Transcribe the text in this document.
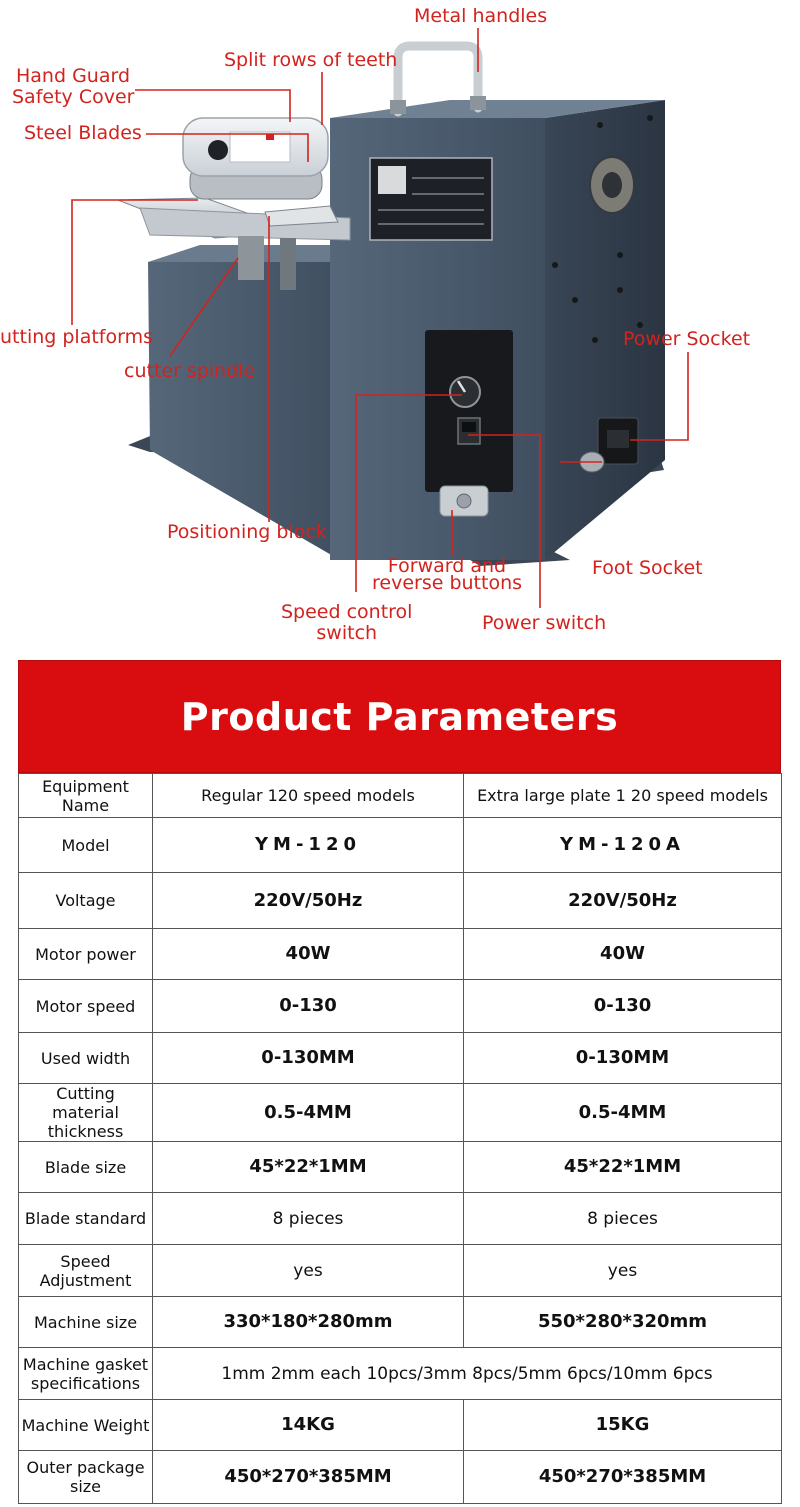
Metal handles
Split rows of teeth
Hand Guard
Safety Cover
Steel Blades
utting platforms	Power Socket
cutter spindle
Positioning block
Forward and
reverse buttons
Foot Socket
Speed control
switch	Power switch
Product Parameters
Equipment Name	Regular 120 speed models	Extra large plate 1 20 speed models
Model	YM-120	YM-120A
Voltage	220V/50Hz	220V/50Hz
Motor power	40W	40W
Motor speed	0-130	0-130
Used width	0-130MM	0-130MM
Cutting material thickness	0.5-4MM	0.5-4MM
Blade size	45*22*1MM	45*22*1MM
Blade standard	8 pieces	8 pieces
Speed Adjustment	yes	yes
Machine size	330*180*280mm	550*280*320mm
Machine gasket specifications	1mm 2mm each 10pcs/3mm 8pcs/5mm 6pcs/10mm 6pcs	
Machine Weight	14KG	15KG
Outer package size	450*270*385MM	450*270*385MM
